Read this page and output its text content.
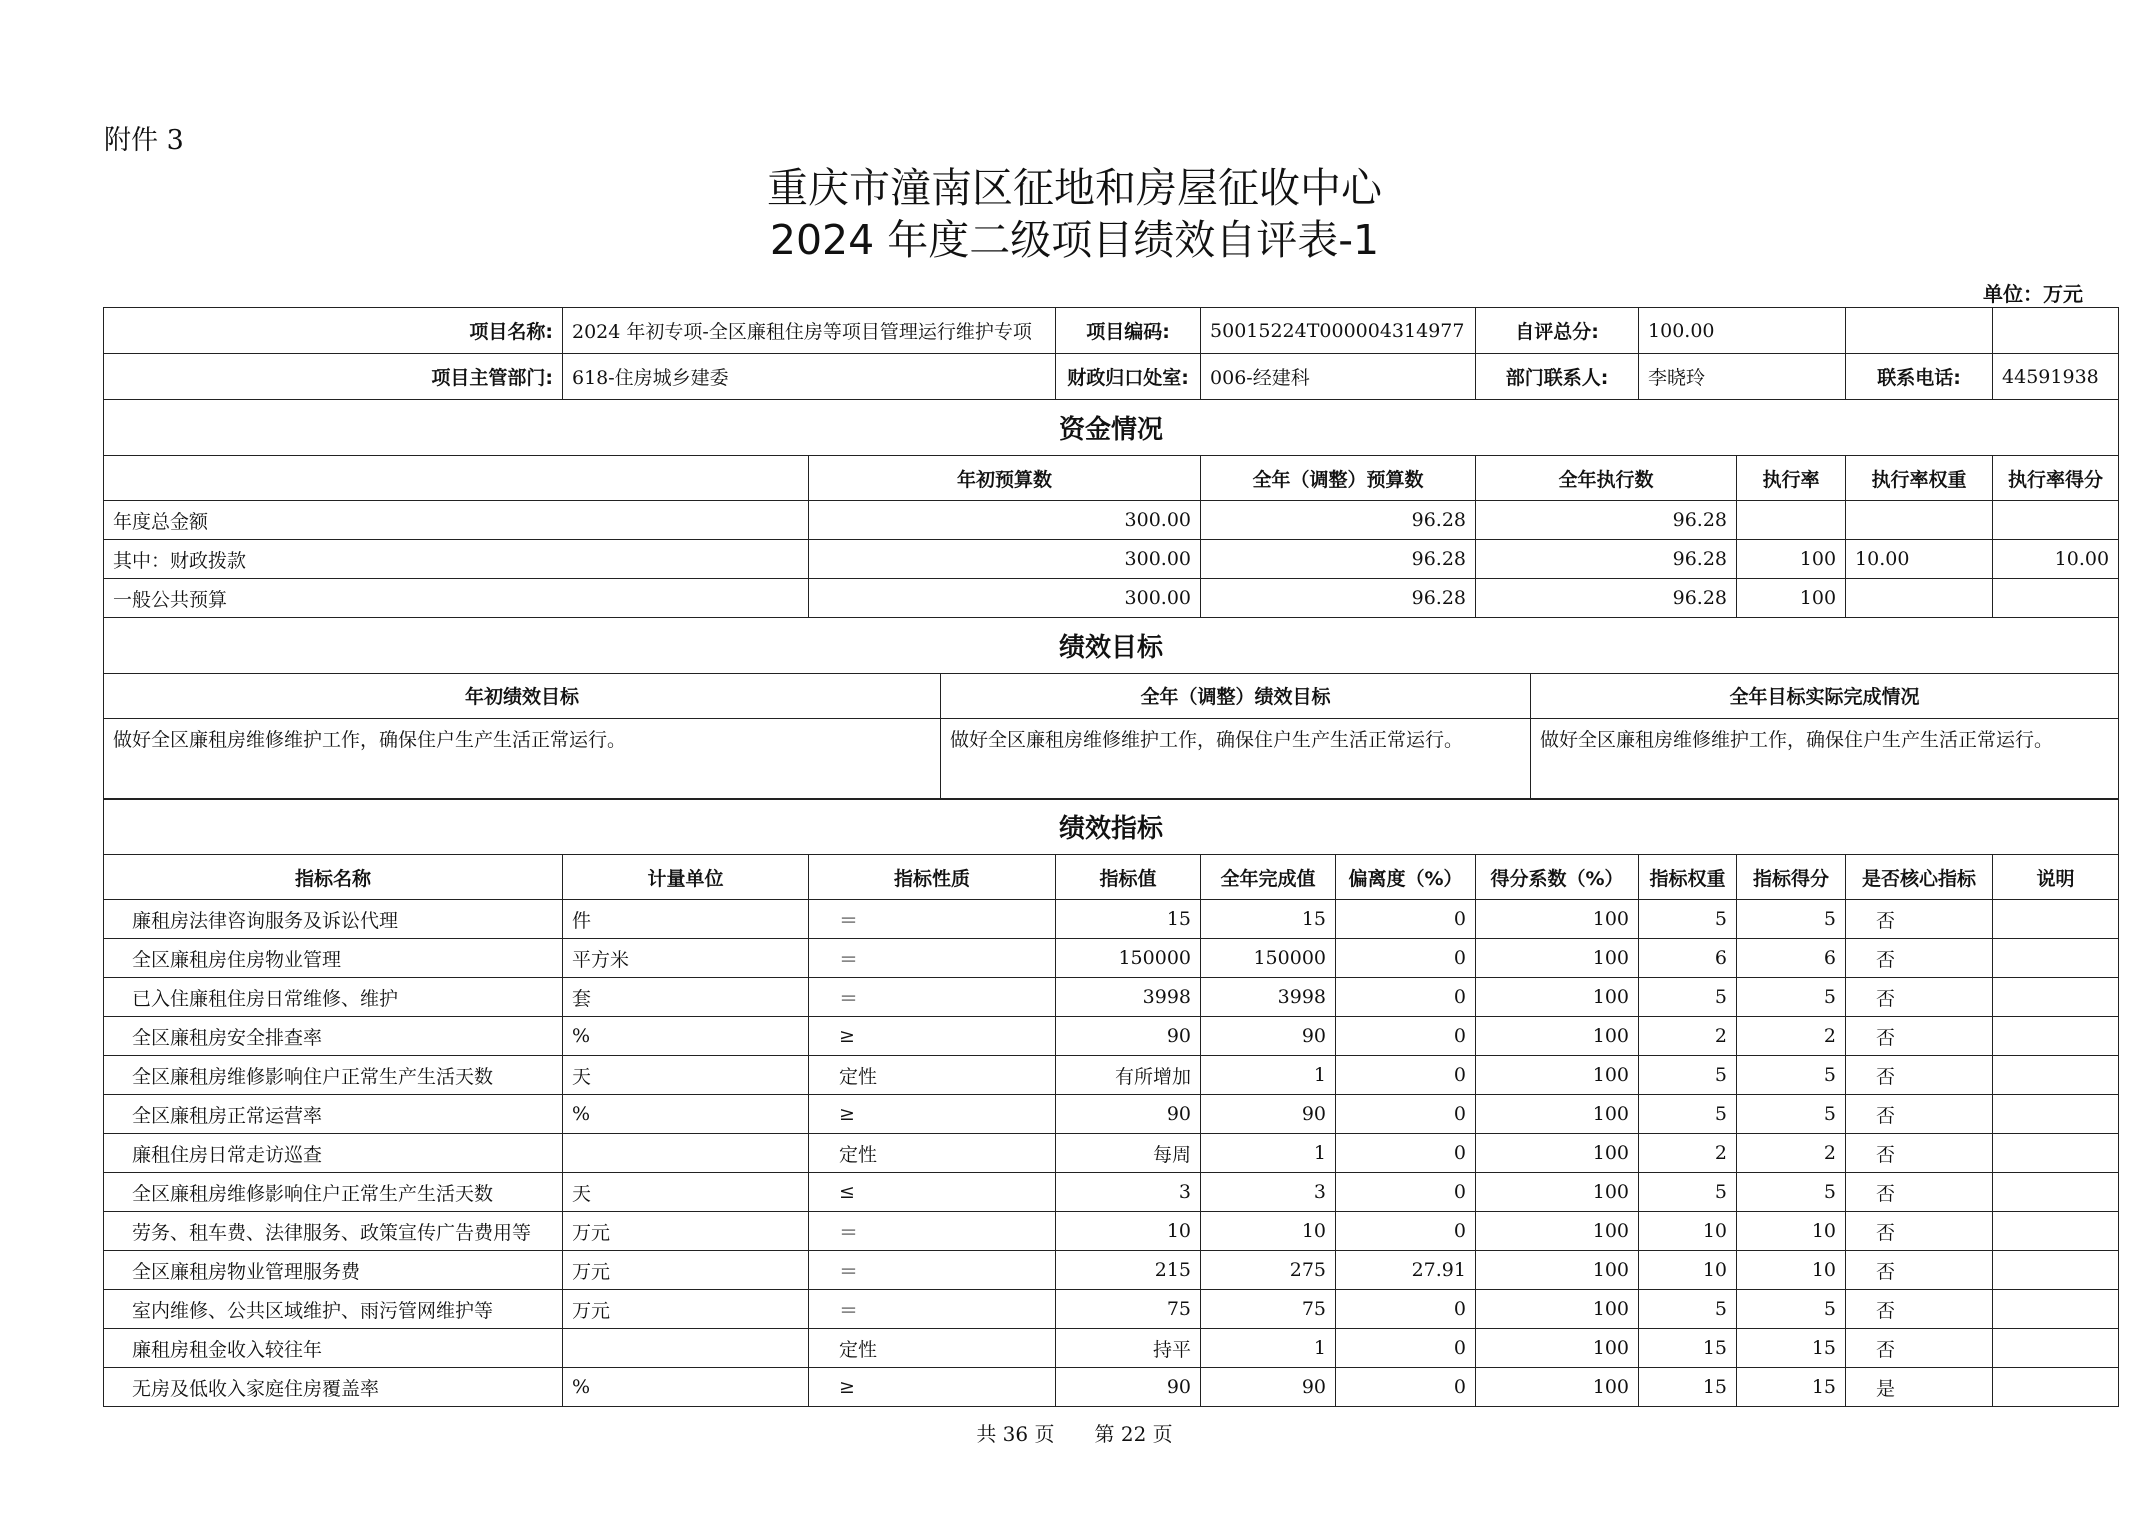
附件 3
重庆市潼南区征地和房屋征收中心
2024 年度二级项目绩效自评表-1
单位：万元
项目名称:	2024 年初专项-全区廉租住房等项目管理运行维护专项		项目编码:	50015224T000004314977	自评总分:	100.00			
项目主管部门:	618-住房城乡建委		财政归口处室:	006-经建科	部门联系人:	李晓玲		联系电话:	44591938
资金情况									
		年初预算数		全年（调整）预算数	全年执行数		执行率	执行率权重	执行率得分
年度总金额		300.00		96.28	96.28				
其中：财政拨款		300.00		96.28	96.28		100	10.00	10.00
一般公共预算		300.00		96.28	96.28		100		
绩效目标		
年初绩效目标	全年（调整）绩效目标	全年目标实际完成情况
做好全区廉租房维修维护工作，确保住户生产生活正常运行。	做好全区廉租房维修维护工作，确保住户生产生活正常运行。	做好全区廉租房维修维护工作，确保住户生产生活正常运行。
绩效指标										
指标名称	计量单位	指标性质	指标值	全年完成值	偏离度（%）	得分系数（%）	指标权重	指标得分	是否核心指标	说明
廉租房法律咨询服务及诉讼代理	件	＝	15	15	0	100	5	5	否	
全区廉租房住房物业管理	平方米	＝	150000	150000	0	100	6	6	否	
已入住廉租住房日常维修、维护	套	＝	3998	3998	0	100	5	5	否	
全区廉租房安全排查率	%	≥	90	90	0	100	2	2	否	
全区廉租房维修影响住户正常生产生活天数	天	定性	有所增加	1	0	100	5	5	否	
全区廉租房正常运营率	%	≥	90	90	0	100	5	5	否	
廉租住房日常走访巡查		定性	每周	1	0	100	2	2	否	
全区廉租房维修影响住户正常生产生活天数	天	≤	3	3	0	100	5	5	否	
劳务、租车费、法律服务、政策宣传广告费用等	万元	＝	10	10	0	100	10	10	否	
全区廉租房物业管理服务费	万元	＝	215	275	27.91	100	10	10	否	
室内维修、公共区域维护、雨污管网维护等	万元	＝	75	75	0	100	5	5	否	
廉租房租金收入较往年		定性	持平	1	0	100	15	15	否	
无房及低收入家庭住房覆盖率	%	≥	90	90	0	100	15	15	是	
共 36 页　　第 22 页
